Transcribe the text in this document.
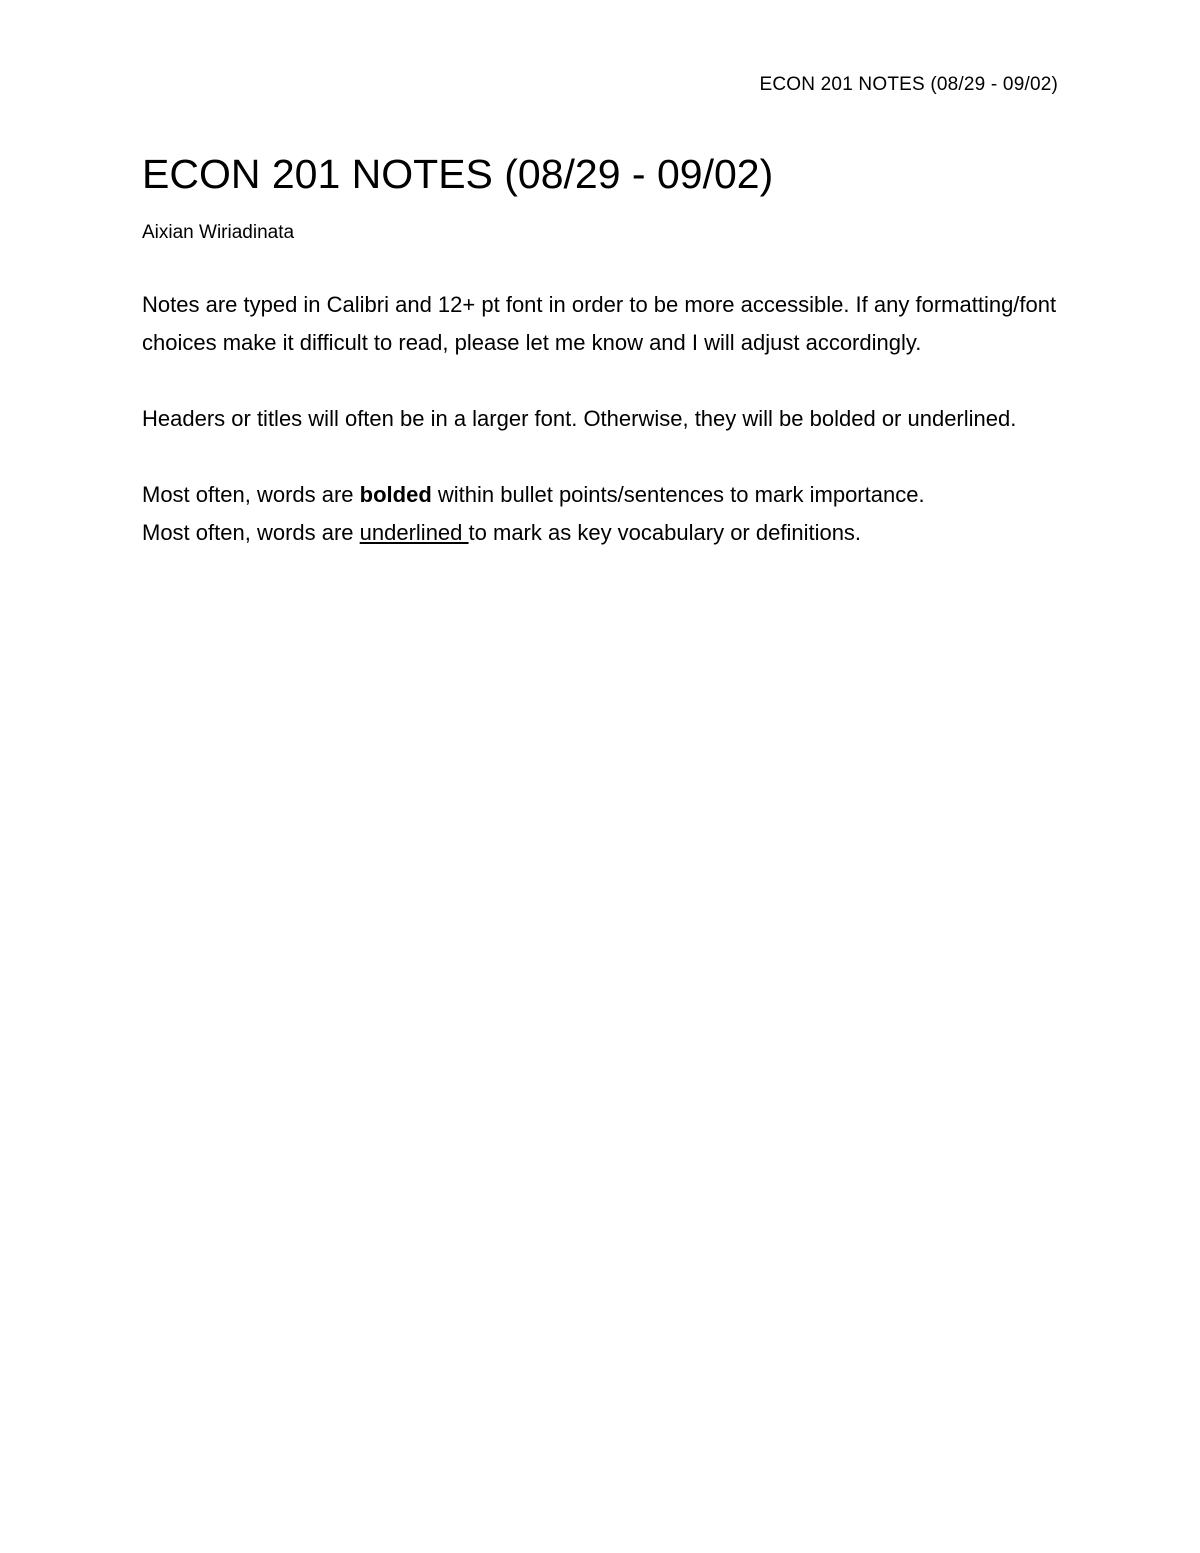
ECON 201 NOTES (08/29 - 09/02)
ECON 201 NOTES (08/29 - 09/02)

Aixian Wiriadinata

Notes are typed in Calibri and 12+ pt font in order to be more accessible. If any formatting/font choices make it difficult to read, please let me know and I will adjust accordingly.

Headers or titles will often be in a larger font. Otherwise, they will be bolded or underlined.

Most often, words are bolded within bullet points/sentences to mark importance.

Most often, words are underlined to mark as key vocabulary or definitions.
